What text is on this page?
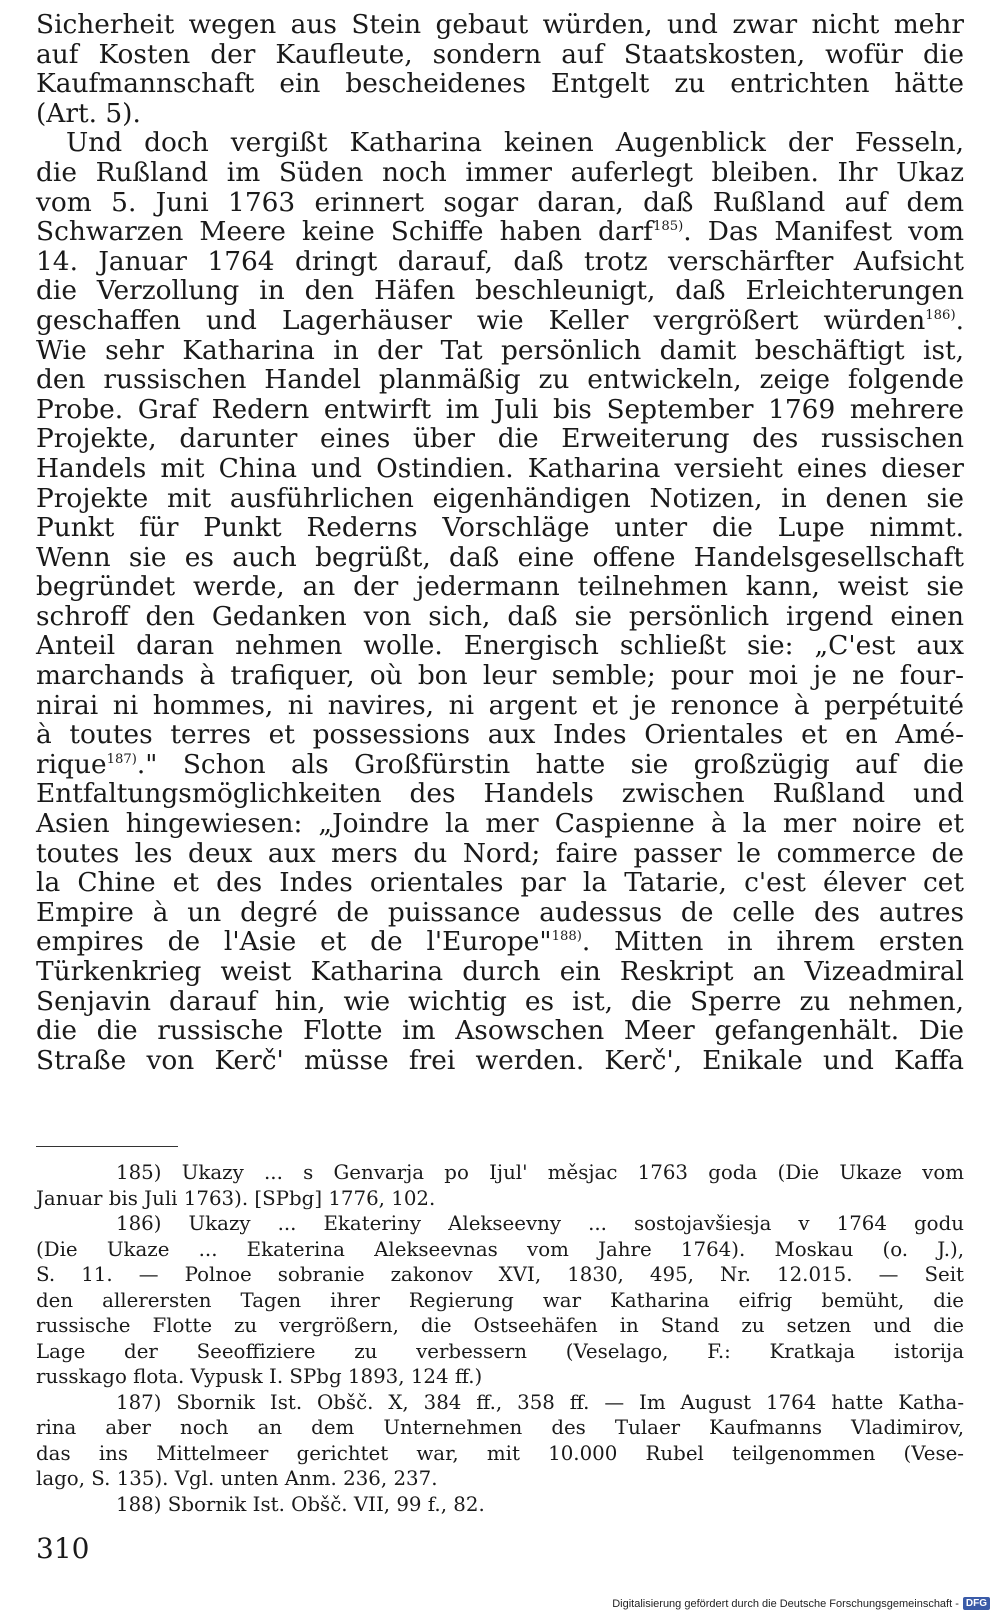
Sicherheit wegen aus Stein gebaut würden, und zwar nicht mehr
auf Kosten der Kaufleute, sondern auf Staatskosten, wofür die
Kaufmannschaft ein bescheidenes Entgelt zu entrichten hätte
(Art. 5).
Und doch vergißt Katharina keinen Augenblick der Fesseln,
die Rußland im Süden noch immer auferlegt bleiben. Ihr Ukaz
vom 5. Juni 1763 erinnert sogar daran, daß Rußland auf dem
Schwarzen Meere keine Schiffe haben darf$^{185)}$. Das Manifest vom
14. Januar 1764 dringt darauf, daß trotz verschärfter Aufsicht
die Verzollung in den Häfen beschleunigt, daß Erleichterungen
geschaffen und Lagerhäuser wie Keller vergrößert würden$^{186)}$.
Wie sehr Katharina in der Tat persönlich damit beschäftigt ist,
den russischen Handel planmäßig zu entwickeln, zeige folgende
Probe. Graf Redern entwirft im Juli bis September 1769 mehrere
Projekte, darunter eines über die Erweiterung des russischen
Handels mit China und Ostindien. Katharina versieht eines dieser
Projekte mit ausführlichen eigenhändigen Notizen, in denen sie
Punkt für Punkt Rederns Vorschläge unter die Lupe nimmt.
Wenn sie es auch begrüßt, daß eine offene Handelsgesellschaft
begründet werde, an der jedermann teilnehmen kann, weist sie
schroff den Gedanken von sich, daß sie persönlich irgend einen
Anteil daran nehmen wolle. Energisch schließt sie: „C'est aux
marchands à trafiquer, où bon leur semble; pour moi je ne four-
nirai ni hommes, ni navires, ni argent et je renonce à perpétuité
à toutes terres et possessions aux Indes Orientales et en Amé-
rique$^{187)}$." Schon als Großfürstin hatte sie großzügig auf die
Entfaltungsmöglichkeiten des Handels zwischen Rußland und
Asien hingewiesen: „Joindre la mer Caspienne à la mer noire et
toutes les deux aux mers du Nord; faire passer le commerce de
la Chine et des Indes orientales par la Tatarie, c'est élever cet
Empire à un degré de puissance audessus de celle des autres
empires de l'Asie et de l'Europe"$^{188)}$. Mitten in ihrem ersten
Türkenkrieg weist Katharina durch ein Reskript an Vizeadmiral
Senjavin darauf hin, wie wichtig es ist, die Sperre zu nehmen,
die die russische Flotte im Asowschen Meer gefangenhält. Die
Straße von Kerč' müsse frei werden. Kerč', Enikale und Kaffa
185) Ukazy ... s Genvarja po Ijul' měsjac 1763 goda (Die Ukaze vom
Januar bis Juli 1763). [SPbg] 1776, 102.
186) Ukazy ... Ekateriny Alekseevny ... sostojavšiesja v 1764 godu
(Die Ukaze ... Ekaterina Alekseevnas vom Jahre 1764). Moskau (o. J.),
S. 11. — Polnoe sobranie zakonov XVI, 1830, 495, Nr. 12.015. — Seit
den allerersten Tagen ihrer Regierung war Katharina eifrig bemüht, die
russische Flotte zu vergrößern, die Ostseehäfen in Stand zu setzen und die
Lage der Seeoffiziere zu verbessern (Veselago, F.: Kratkaja istorija
russkago flota. Vypusk I. SPbg 1893, 124 ff.)
187) Sbornik Ist. Obšč. X, 384 ff., 358 ff. — Im August 1764 hatte Katha-
rina aber noch an dem Unternehmen des Tulaer Kaufmanns Vladimirov,
das ins Mittelmeer gerichtet war, mit 10.000 Rubel teilgenommen (Vese-
lago, S. 135). Vgl. unten Anm. 236, 237.
188) Sbornik Ist. Obšč. VII, 99 f., 82.
310
Digitalisierung gefördert durch die Deutsche Forschungsgemeinschaft - DFG
